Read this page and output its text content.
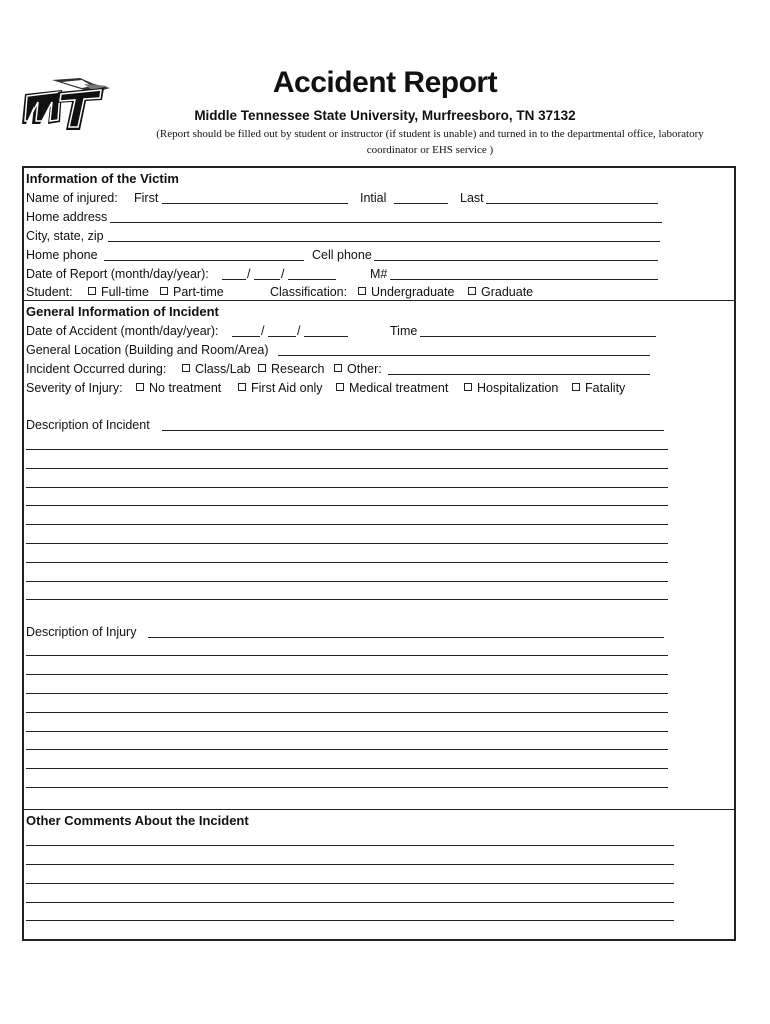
Accident Report
Middle Tennessee State University, Murfreesboro, TN 37132
(Report should be filled out by student or instructor (if student is unable) and turned in to the departmental office, laboratory
coordinator or EHS service )
Information of the Victim
Name of injured: First	Intial	Last
Home address
City, state, zip
Home phone	Cell phone
Date of Report (month/day/year):	/ /	M#
Student:	Full-time	Part-time	Classification:	Undergraduate	Graduate
General Information of Incident
Date of Accident (month/day/year):	/	/	Time
General Location (Building and Room/Area)
Incident Occurred during:	Class/Lab	Research	Other:
Severity of Injury:	No treatment	First Aid only	Medical treatment	Hospitalization	Fatality
Description of Incident
Description of Injury
Other Comments About the Incident
